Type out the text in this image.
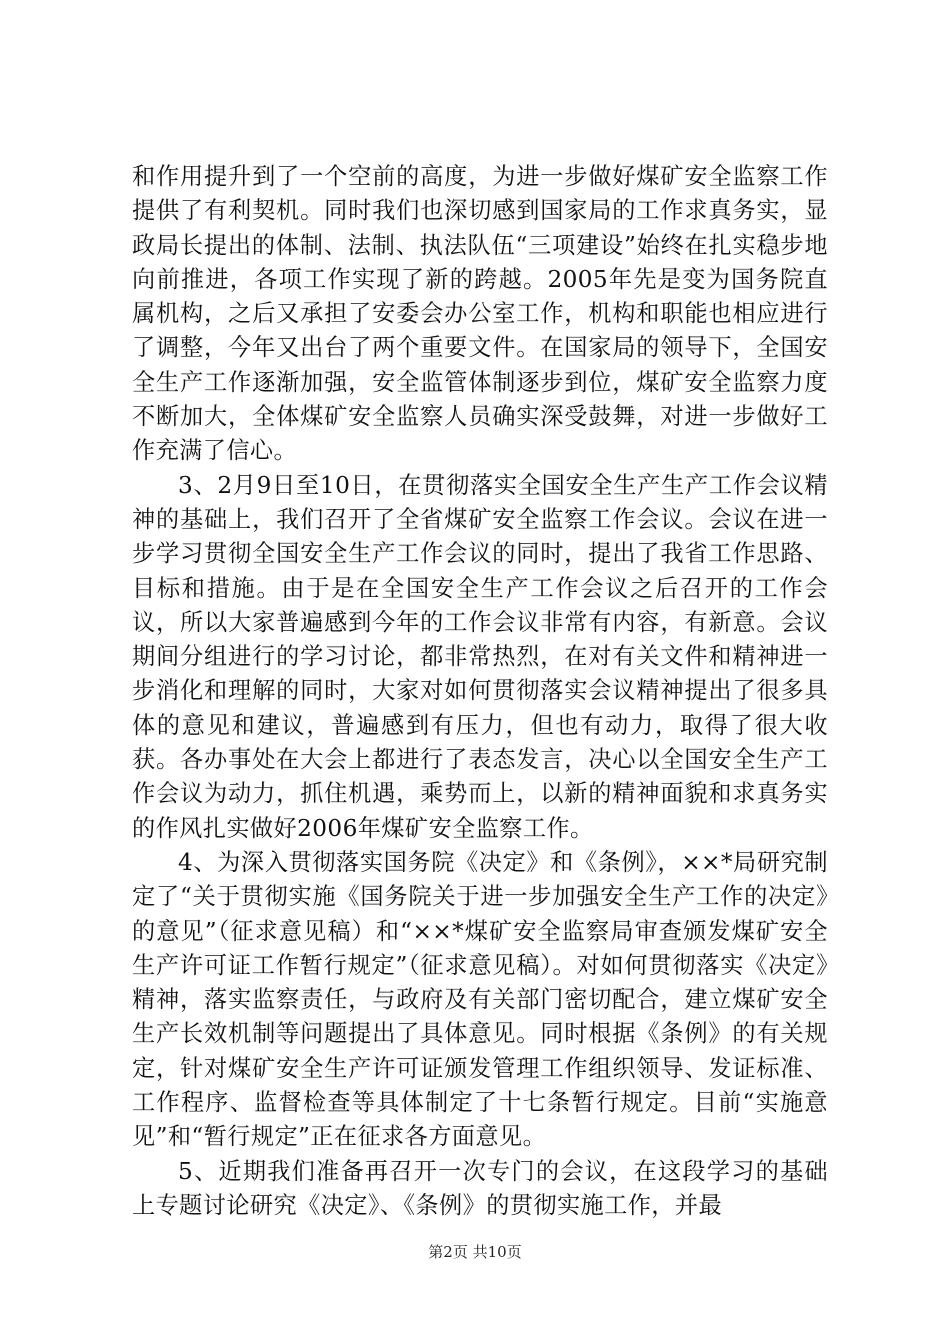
和作用提升到了一个空前的高度，为进一步做好煤矿安全监察工作提供了有利契机。同时我们也深切感到国家局的工作求真务实，显政局长提出的体制、法制、执法队伍“三项建设”始终在扎实稳步地向前推进，各项工作实现了新的跨越。2005年先是变为国务院直属机构，之后又承担了安委会办公室工作，机构和职能也相应进行了调整，今年又出台了两个重要文件。在国家局的领导下，全国安全生产工作逐渐加强，安全监管体制逐步到位，煤矿安全监察力度不断加大，全体煤矿安全监察人员确实深受鼓舞，对进一步做好工作充满了信心。

3、2月9日至10日，在贯彻落实全国安全生产生产工作会议精神的基础上，我们召开了全省煤矿安全监察工作会议。会议在进一步学习贯彻全国安全生产工作会议的同时，提出了我省工作思路、目标和措施。由于是在全国安全生产工作会议之后召开的工作会议，所以大家普遍感到今年的工作会议非常有内容，有新意。会议期间分组进行的学习讨论，都非常热烈，在对有关文件和精神进一步消化和理解的同时，大家对如何贯彻落实会议精神提出了很多具体的意见和建议，普遍感到有压力，但也有动力，取得了很大收获。各办事处在大会上都进行了表态发言，决心以全国安全生产工作会议为动力，抓住机遇，乘势而上，以新的精神面貌和求真务实的作风扎实做好2006年煤矿安全监察工作。

4、为深入贯彻落实国务院《决定》和《条例》，××*局研究制定了“关于贯彻实施《国务院关于进一步加强安全生产工作的决定》的意见”（征求意见稿）和“××*煤矿安全监察局审查颁发煤矿安全生产许可证工作暂行规定”（征求意见稿）。对如何贯彻落实《决定》精神，落实监察责任，与政府及有关部门密切配合，建立煤矿安全生产长效机制等问题提出了具体意见。同时根据《条例》的有关规定，针对煤矿安全生产许可证颁发管理工作组织领导、发证标准、工作程序、监督检查等具体制定了十七条暂行规定。目前“实施意见”和“暂行规定”正在征求各方面意见。

5、近期我们准备再召开一次专门的会议，在这段学习的基础上专题讨论研究《决定》、《条例》的贯彻实施工作，并最

第2页 共10页
